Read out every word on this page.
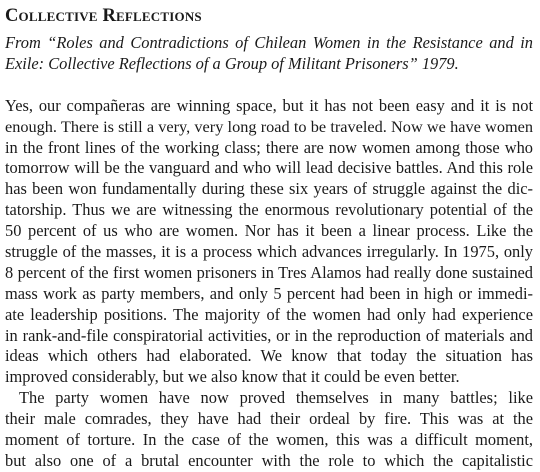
Collective Reflections
From “Roles and Contradictions of Chilean Women in the Resistance and in
Exile: Collective Reflections of a Group of Militant Prisoners” 1979.
Yes, our compañeras are winning space, but it has not been easy and it is not
enough. There is still a very, very long road to be traveled. Now we have women
in the front lines of the working class; there are now women among those who
tomorrow will be the vanguard and who will lead decisive battles. And this role
has been won fundamentally during these six years of struggle against the dic-
tatorship. Thus we are witnessing the enormous revolutionary potential of the
50 percent of us who are women. Nor has it been a linear process. Like the
struggle of the masses, it is a process which advances irregularly. In 1975, only
8 percent of the first women prisoners in Tres Alamos had really done sustained
mass work as party members, and only 5 percent had been in high or immedi-
ate leadership positions. The majority of the women had only had experience
in rank-and-file conspiratorial activities, or in the reproduction of materials and
ideas which others had elaborated. We know that today the situation has
improved considerably, but we also know that it could be even better.
The party women have now proved themselves in many battles; like
their male comrades, they have had their ordeal by fire. This was at the
moment of torture. In the case of the women, this was a difficult moment,
but also one of a brutal encounter with the role to which the capitalistic
